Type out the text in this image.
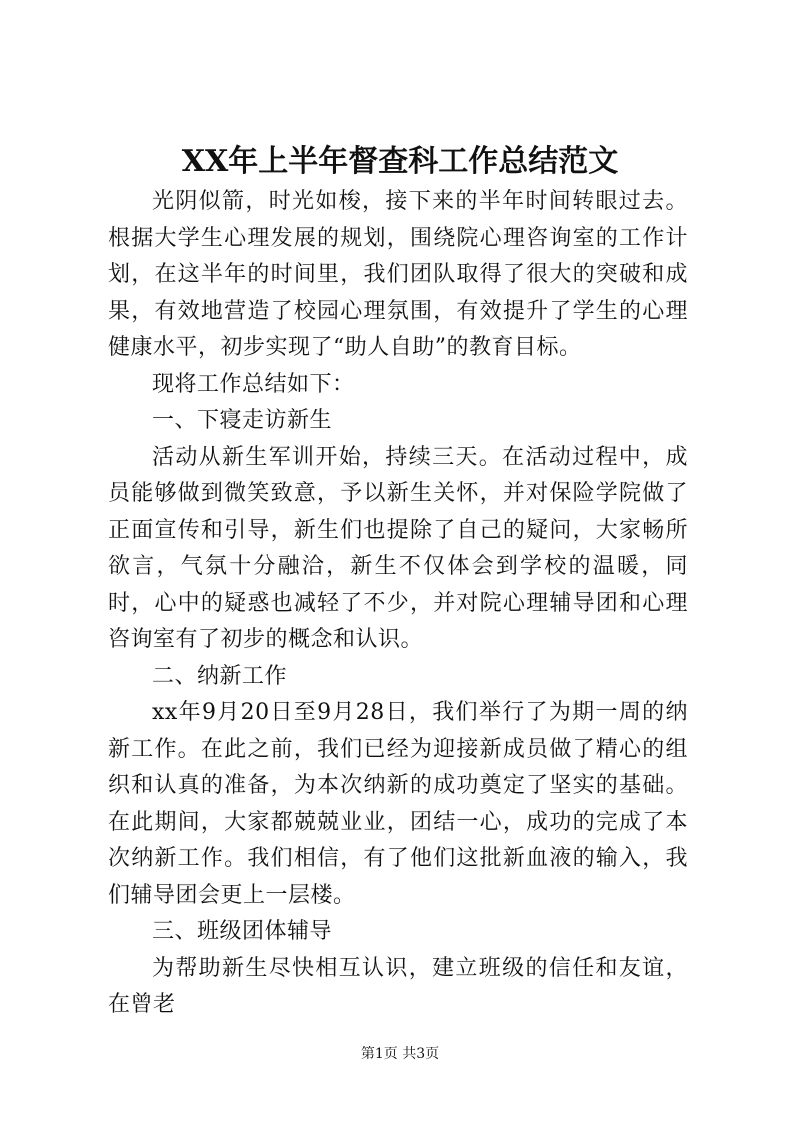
XX年上半年督查科工作总结范文

光阴似箭，时光如梭，接下来的半年时间转眼过去。根据大学生心理发展的规划，围绕院心理咨询室的工作计划，在这半年的时间里，我们团队取得了很大的突破和成果，有效地营造了校园心理氛围，有效提升了学生的心理健康水平，初步实现了“助人自助”的教育目标。

现将工作总结如下：

一、下寝走访新生

活动从新生军训开始，持续三天。在活动过程中，成员能够做到微笑致意，予以新生关怀，并对保险学院做了正面宣传和引导，新生们也提除了自己的疑问，大家畅所欲言，气氛十分融洽，新生不仅体会到学校的温暖，同时，心中的疑惑也减轻了不少，并对院心理辅导团和心理咨询室有了初步的概念和认识。

二、纳新工作

xx年9月20日至9月28日，我们举行了为期一周的纳新工作。在此之前，我们已经为迎接新成员做了精心的组织和认真的准备，为本次纳新的成功奠定了坚实的基础。在此期间，大家都兢兢业业，团结一心，成功的完成了本次纳新工作。我们相信，有了他们这批新血液的输入，我们辅导团会更上一层楼。

三、班级团体辅导

为帮助新生尽快相互认识，建立班级的信任和友谊，在曾老

第1页 共3页
